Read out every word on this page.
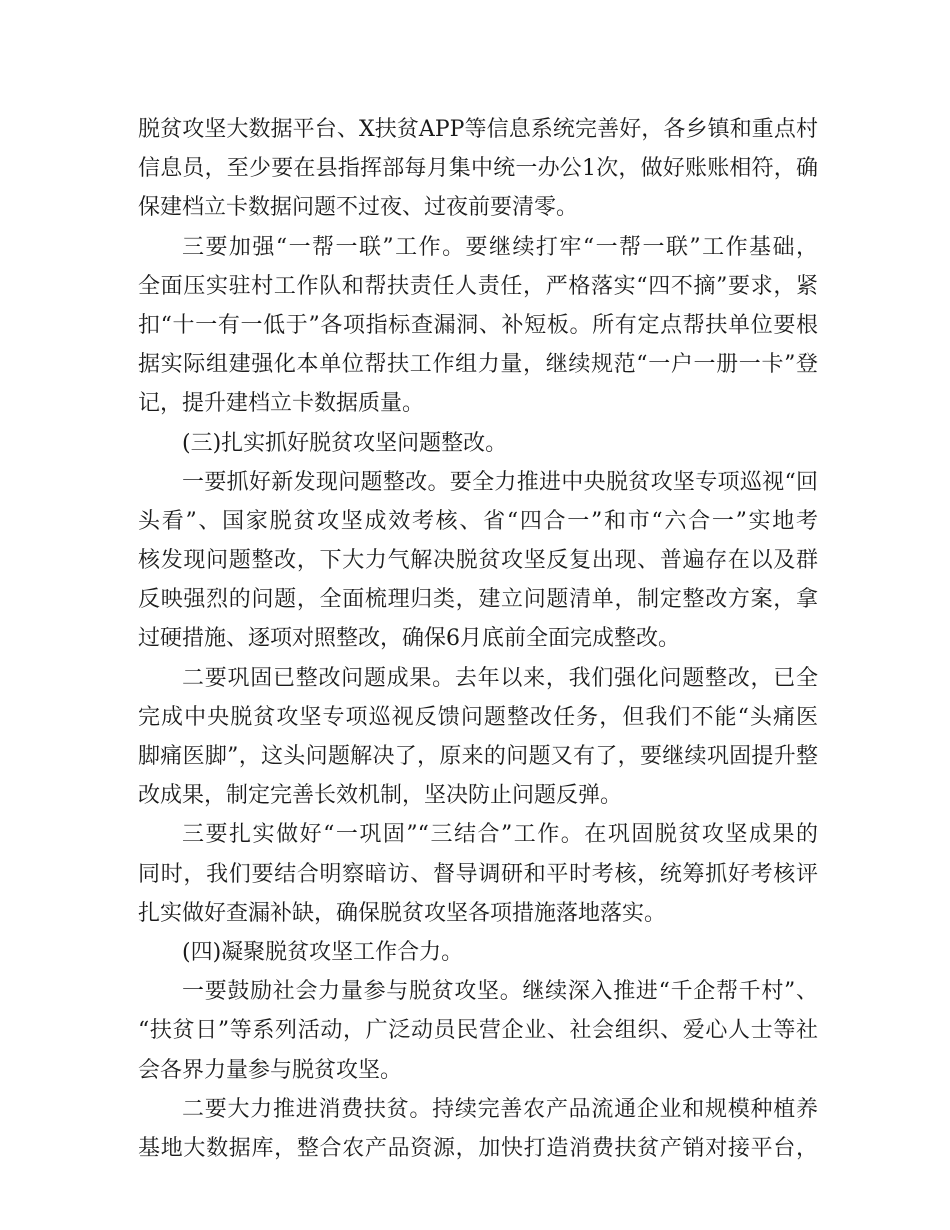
脱贫攻坚大数据平台、X扶贫APP等信息系统完善好，各乡镇和重点村
信息员，至少要在县指挥部每月集中统一办公1次，做好账账相符，确
保建档立卡数据问题不过夜、过夜前要清零。
三要加强“一帮一联”工作。要继续打牢“一帮一联”工作基础，
全面压实驻村工作队和帮扶责任人责任，严格落实“四不摘”要求，紧
扣“十一有一低于”各项指标查漏洞、补短板。所有定点帮扶单位要根
据实际组建强化本单位帮扶工作组力量，继续规范“一户一册一卡”登
记，提升建档立卡数据质量。
(三)扎实抓好脱贫攻坚问题整改。
一要抓好新发现问题整改。要全力推进中央脱贫攻坚专项巡视“回
头看”、国家脱贫攻坚成效考核、省“四合一”和市“六合一”实地考
核发现问题整改，下大力气解决脱贫攻坚反复出现、普遍存在以及群
反映强烈的问题，全面梳理归类，建立问题清单，制定整改方案，拿
过硬措施、逐项对照整改，确保6月底前全面完成整改。
二要巩固已整改问题成果。去年以来，我们强化问题整改，已全
完成中央脱贫攻坚专项巡视反馈问题整改任务，但我们不能“头痛医
脚痛医脚”，这头问题解决了，原来的问题又有了，要继续巩固提升整
改成果，制定完善长效机制，坚决防止问题反弹。
三要扎实做好“一巩固”“三结合”工作。在巩固脱贫攻坚成果的
同时，我们要结合明察暗访、督导调研和平时考核，统筹抓好考核评
扎实做好查漏补缺，确保脱贫攻坚各项措施落地落实。
(四)凝聚脱贫攻坚工作合力。
一要鼓励社会力量参与脱贫攻坚。继续深入推进“千企帮千村”、
“扶贫日”等系列活动，广泛动员民营企业、社会组织、爱心人士等社
会各界力量参与脱贫攻坚。
二要大力推进消费扶贫。持续完善农产品流通企业和规模种植养
基地大数据库，整合农产品资源，加快打造消费扶贫产销对接平台，
